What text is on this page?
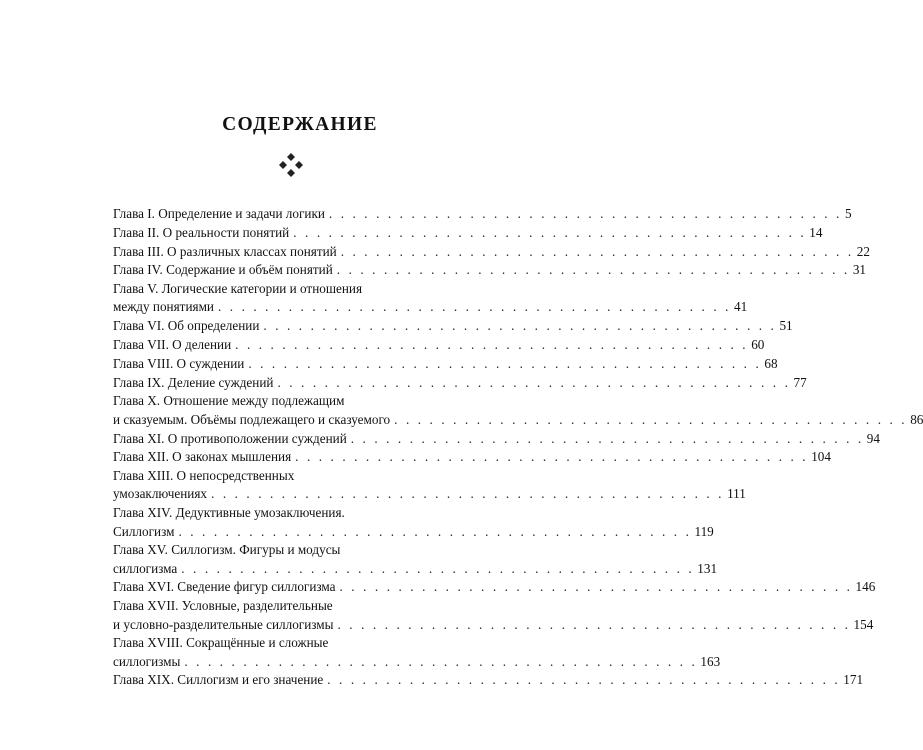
СОДЕРЖАНИЕ
Глава I. Определение и задачи логики . . . . . . . . . . . . . . . . . . . . . . . . . . . . . . . . . . . . . . . . . . . . 5
Глава II. О реальности понятий . . . . . . . . . . . . . . . . . . . . . . . . . . . . . . . . . . . . . . . . . . . . 14
Глава III. О различных классах понятий . . . . . . . . . . . . . . . . . . . . . . . . . . . . . . . . . . . . . . . . . . . . 22
Глава IV. Содержание и объём понятий . . . . . . . . . . . . . . . . . . . . . . . . . . . . . . . . . . . . . . . . . . . . 31
Глава V. Логические категории и отношения
между понятиями . . . . . . . . . . . . . . . . . . . . . . . . . . . . . . . . . . . . . . . . . . . . 41
Глава VI. Об определении . . . . . . . . . . . . . . . . . . . . . . . . . . . . . . . . . . . . . . . . . . . . 51
Глава VII. О делении . . . . . . . . . . . . . . . . . . . . . . . . . . . . . . . . . . . . . . . . . . . . 60
Глава VIII. О суждении . . . . . . . . . . . . . . . . . . . . . . . . . . . . . . . . . . . . . . . . . . . . 68
Глава IX. Деление суждений . . . . . . . . . . . . . . . . . . . . . . . . . . . . . . . . . . . . . . . . . . . . 77
Глава X. Отношение между подлежащим
и сказуемым. Объёмы подлежащего и сказуемого . . . . . . . . . . . . . . . . . . . . . . . . . . . . . . . . . . . . . . . . . . . . 86
Глава XI. О противоположении суждений . . . . . . . . . . . . . . . . . . . . . . . . . . . . . . . . . . . . . . . . . . . . 94
Глава XII. О законах мышления . . . . . . . . . . . . . . . . . . . . . . . . . . . . . . . . . . . . . . . . . . . . 104
Глава XIII. О непосредственных
умозаключениях . . . . . . . . . . . . . . . . . . . . . . . . . . . . . . . . . . . . . . . . . . . . 111
Глава XIV. Дедуктивные умозаключения.
Силлогизм . . . . . . . . . . . . . . . . . . . . . . . . . . . . . . . . . . . . . . . . . . . . 119
Глава XV. Силлогизм. Фигуры и модусы
силлогизма . . . . . . . . . . . . . . . . . . . . . . . . . . . . . . . . . . . . . . . . . . . . 131
Глава XVI. Сведение фигур силлогизма . . . . . . . . . . . . . . . . . . . . . . . . . . . . . . . . . . . . . . . . . . . . 146
Глава XVII. Условные, разделительные
и условно-разделительные силлогизмы . . . . . . . . . . . . . . . . . . . . . . . . . . . . . . . . . . . . . . . . . . . . 154
Глава XVIII. Сокращённые и сложные
силлогизмы . . . . . . . . . . . . . . . . . . . . . . . . . . . . . . . . . . . . . . . . . . . . 163
Глава XIX. Силлогизм и его значение . . . . . . . . . . . . . . . . . . . . . . . . . . . . . . . . . . . . . . . . . . . . 171
